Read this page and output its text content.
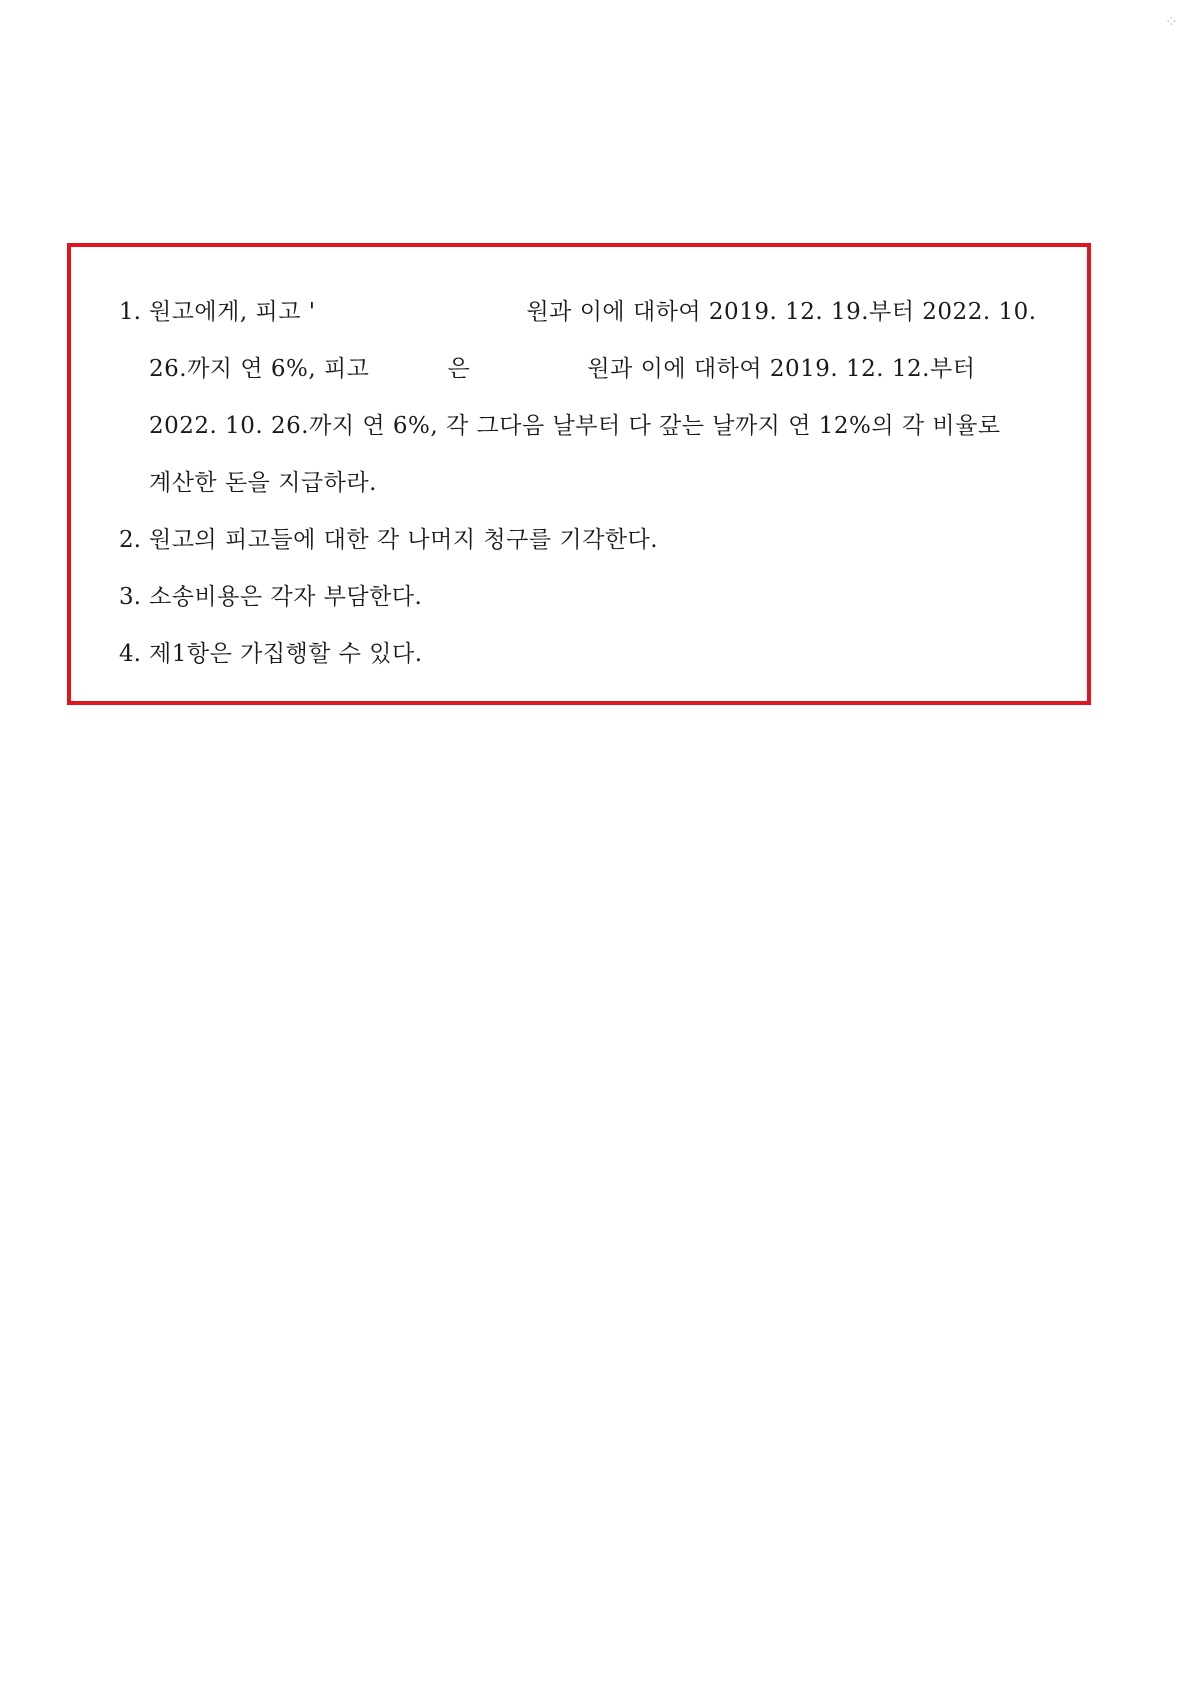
⁘
1. 원고에게, 피고 '                           원과 이에 대하여 2019. 12. 19.부터 2022. 10.
26.까지 연 6%, 피고          은               원과 이에 대하여 2019. 12. 12.부터
2022. 10. 26.까지 연 6%, 각 그다음 날부터 다 갚는 날까지 연 12%의 각 비율로
계산한 돈을 지급하라.
2. 원고의 피고들에 대한 각 나머지 청구를 기각한다.
3. 소송비용은 각자 부담한다.
4. 제1항은 가집행할 수 있다.
